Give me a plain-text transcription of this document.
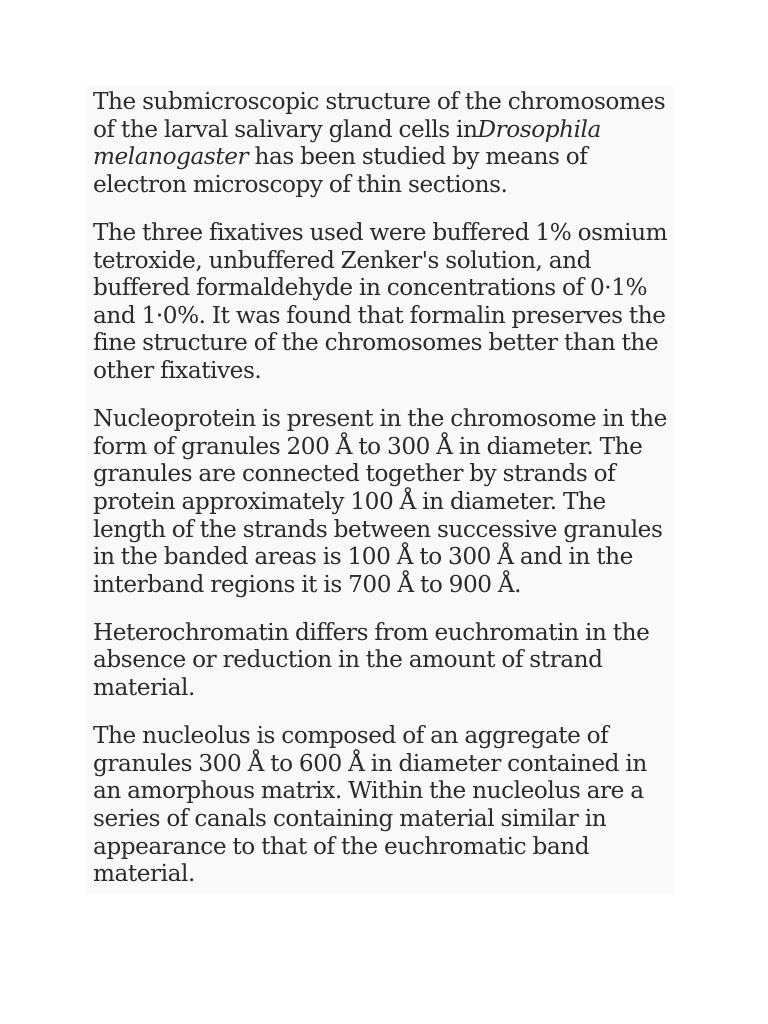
The submicroscopic structure of the chromosomes
of the larval salivary gland cells inDrosophila
melanogaster has been studied by means of
electron microscopy of thin sections.

The three fixatives used were buffered 1% osmium
tetroxide, unbuffered Zenker's solution, and
buffered formaldehyde in concentrations of 0·1%
and 1·0%. It was found that formalin preserves the
fine structure of the chromosomes better than the
other fixatives.

Nucleoprotein is present in the chromosome in the
form of granules 200 Å to 300 Å in diameter. The
granules are connected together by strands of
protein approximately 100 Å in diameter. The
length of the strands between successive granules
in the banded areas is 100 Å to 300 Å and in the
interband regions it is 700 Å to 900 Å.

Heterochromatin differs from euchromatin in the
absence or reduction in the amount of strand
material.

The nucleolus is composed of an aggregate of
granules 300 Å to 600 Å in diameter contained in
an amorphous matrix. Within the nucleolus are a
series of canals containing material similar in
appearance to that of the euchromatic band
material.
